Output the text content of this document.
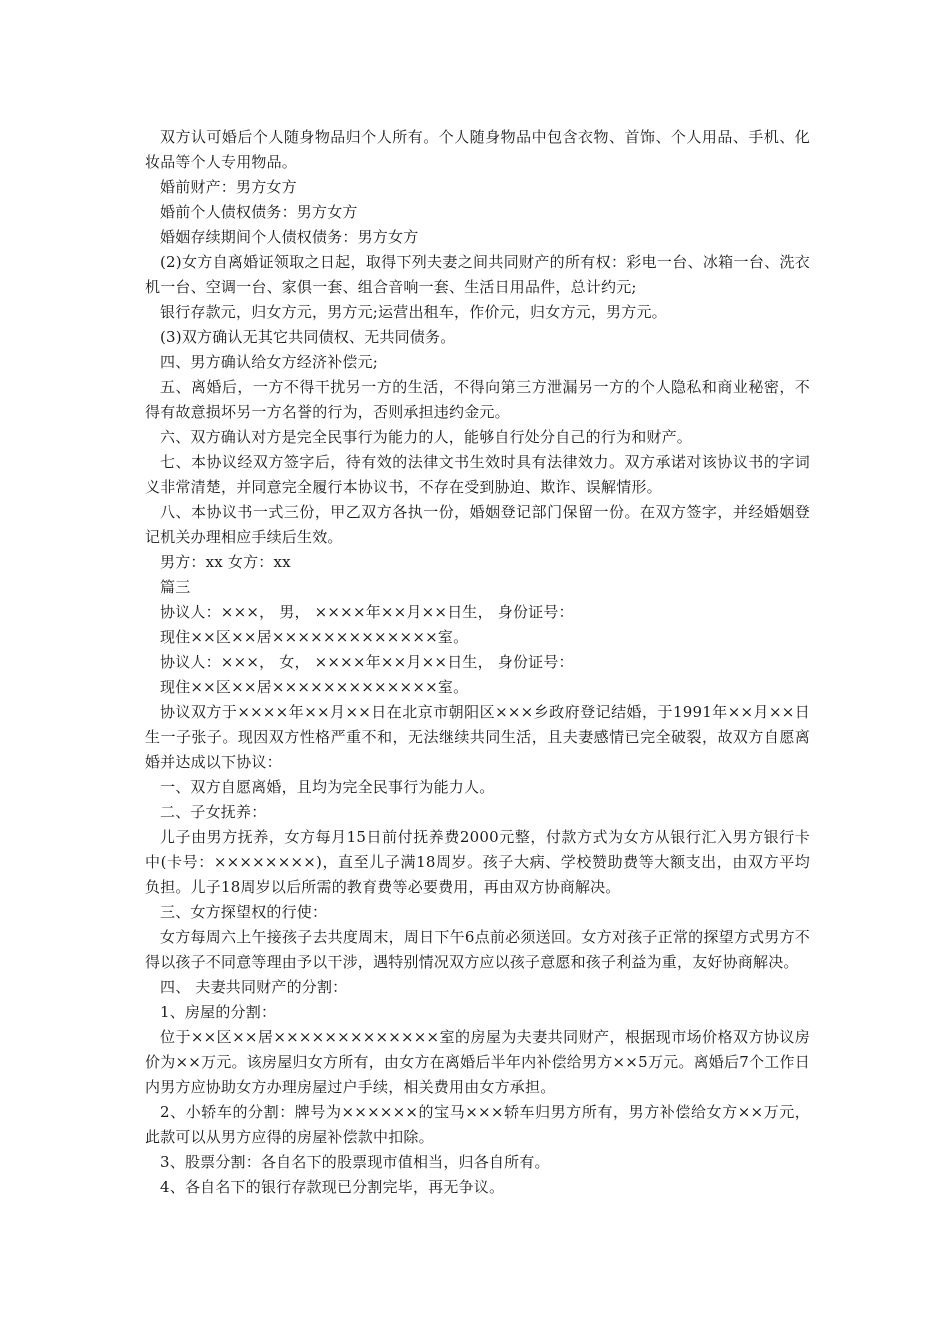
双方认可婚后个人随身物品归个人所有。个人随身物品中包含衣物、首饰、个人用品、手机、化妆品等个人专用物品。

婚前财产：男方女方

婚前个人债权债务：男方女方

婚姻存续期间个人债权债务：男方女方

(2)女方自离婚证领取之日起，取得下列夫妻之间共同财产的所有权：彩电一台、冰箱一台、洗衣机一台、空调一台、家俱一套、组合音响一套、生活日用品件，总计约元;

银行存款元，归女方元，男方元;运营出租车，作价元，归女方元，男方元。

(3)双方确认无其它共同债权、无共同债务。

四、男方确认给女方经济补偿元;

五、离婚后，一方不得干扰另一方的生活，不得向第三方泄漏另一方的个人隐私和商业秘密，不得有故意损坏另一方名誉的行为，否则承担违约金元。

六、双方确认对方是完全民事行为能力的人，能够自行处分自己的行为和财产。

七、本协议经双方签字后，待有效的法律文书生效时具有法律效力。双方承诺对该协议书的字词义非常清楚，并同意完全履行本协议书，不存在受到胁迫、欺诈、误解情形。

八、本协议书一式三份，甲乙双方各执一份，婚姻登记部门保留一份。在双方签字，并经婚姻登记机关办理相应手续后生效。

男方：xx 女方：xx

篇三

协议人：×××， 男， ××××年××月××日生， 身份证号：

现住××区××居×××××××××××××室。

协议人：×××， 女， ××××年××月××日生， 身份证号：

现住××区××居×××××××××××××室。

协议双方于××××年××月××日在北京市朝阳区×××乡政府登记结婚，于1991年××月××日生一子张子。现因双方性格严重不和，无法继续共同生活，且夫妻感情已完全破裂，故双方自愿离婚并达成以下协议：

一、双方自愿离婚，且均为完全民事行为能力人。

二、子女抚养：

儿子由男方抚养，女方每月15日前付抚养费2000元整，付款方式为女方从银行汇入男方银行卡中(卡号：××××××××)，直至儿子满18周岁。孩子大病、学校赞助费等大额支出，由双方平均负担。儿子18周岁以后所需的教育费等必要费用，再由双方协商解决。

三、女方探望权的行使：

女方每周六上午接孩子去共度周末，周日下午6点前必须送回。女方对孩子正常的探望方式男方不得以孩子不同意等理由予以干涉，遇特别情况双方应以孩子意愿和孩子利益为重，友好协商解决。

四、 夫妻共同财产的分割：

1、房屋的分割：

位于××区××居×××××××××××××室的房屋为夫妻共同财产，根据现市场价格双方协议房价为××万元。该房屋归女方所有，由女方在离婚后半年内补偿给男方××5万元。离婚后7个工作日内男方应协助女方办理房屋过户手续，相关费用由女方承担。

2、小轿车的分割：牌号为××××××的宝马×××轿车归男方所有，男方补偿给女方××万元，此款可以从男方应得的房屋补偿款中扣除。

3、股票分割：各自名下的股票现市值相当，归各自所有。

4、各自名下的银行存款现已分割完毕，再无争议。
